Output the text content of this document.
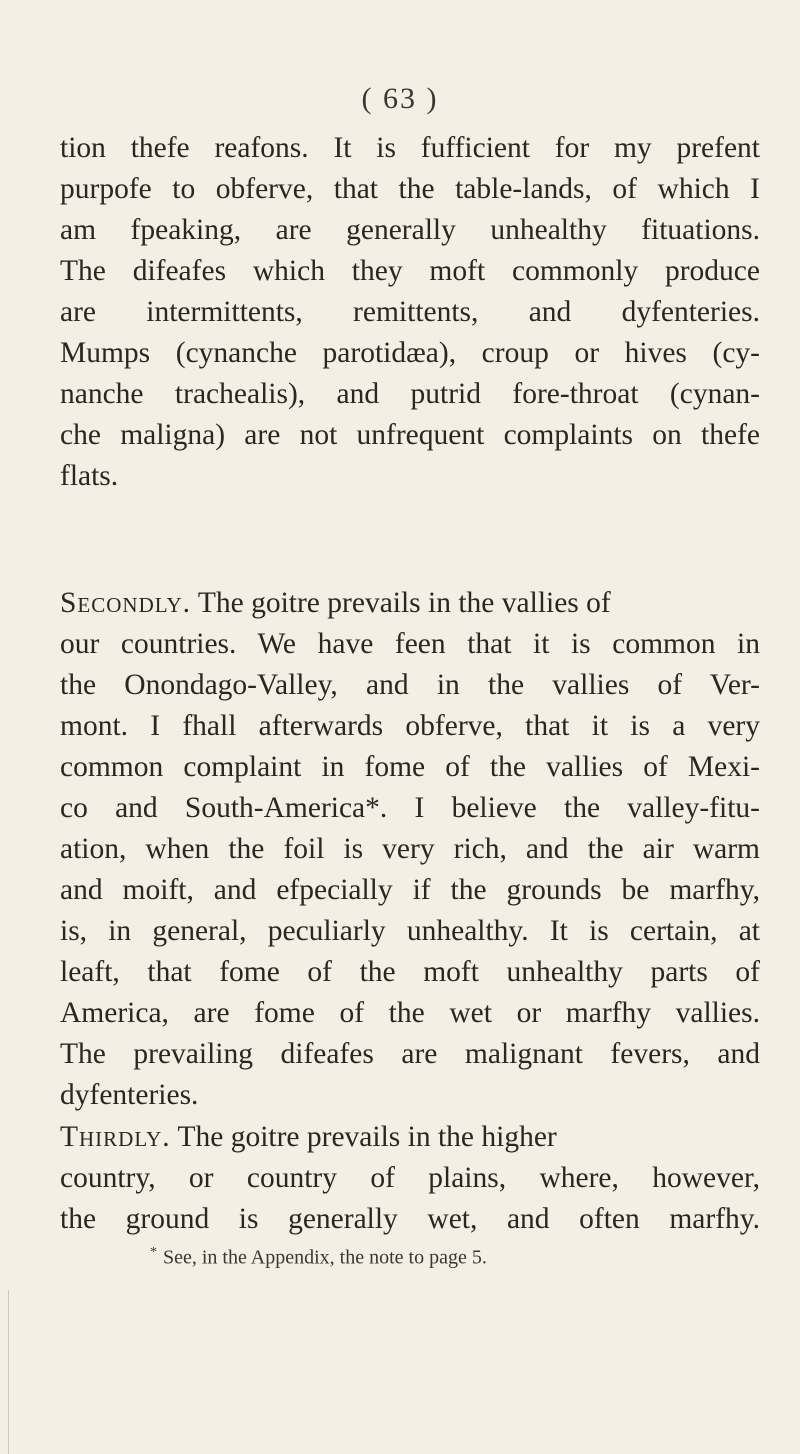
( 63 )
tion thefe reafons. It is fufficient for my prefent
purpofe to obferve, that the table-lands, of which I
am fpeaking, are generally unhealthy fituations.
The difeafes which they moft commonly produce
are intermittents, remittents, and dyfenteries.
Mumps (cynanche parotidæa), croup or hives (cy-
nanche trachealis), and putrid fore-throat (cynan-
che maligna) are not unfrequent complaints on thefe
flats.
Secondly. The goitre prevails in the vallies of
our countries. We have feen that it is common in
the Onondago-Valley, and in the vallies of Ver-
mont. I fhall afterwards obferve, that it is a very
common complaint in fome of the vallies of Mexi-
co and South-America*. I believe the valley-fitu-
ation, when the foil is very rich, and the air warm
and moift, and efpecially if the grounds be marfhy,
is, in general, peculiarly unhealthy. It is certain, at
leaft, that fome of the moft unhealthy parts of
America, are fome of the wet or marfhy vallies.
The prevailing difeafes are malignant fevers, and
dyfenteries.
Thirdly. The goitre prevails in the higher
country, or country of plains, where, however,
the ground is generally wet, and often marfhy.
* See, in the Appendix, the note to page 5.
